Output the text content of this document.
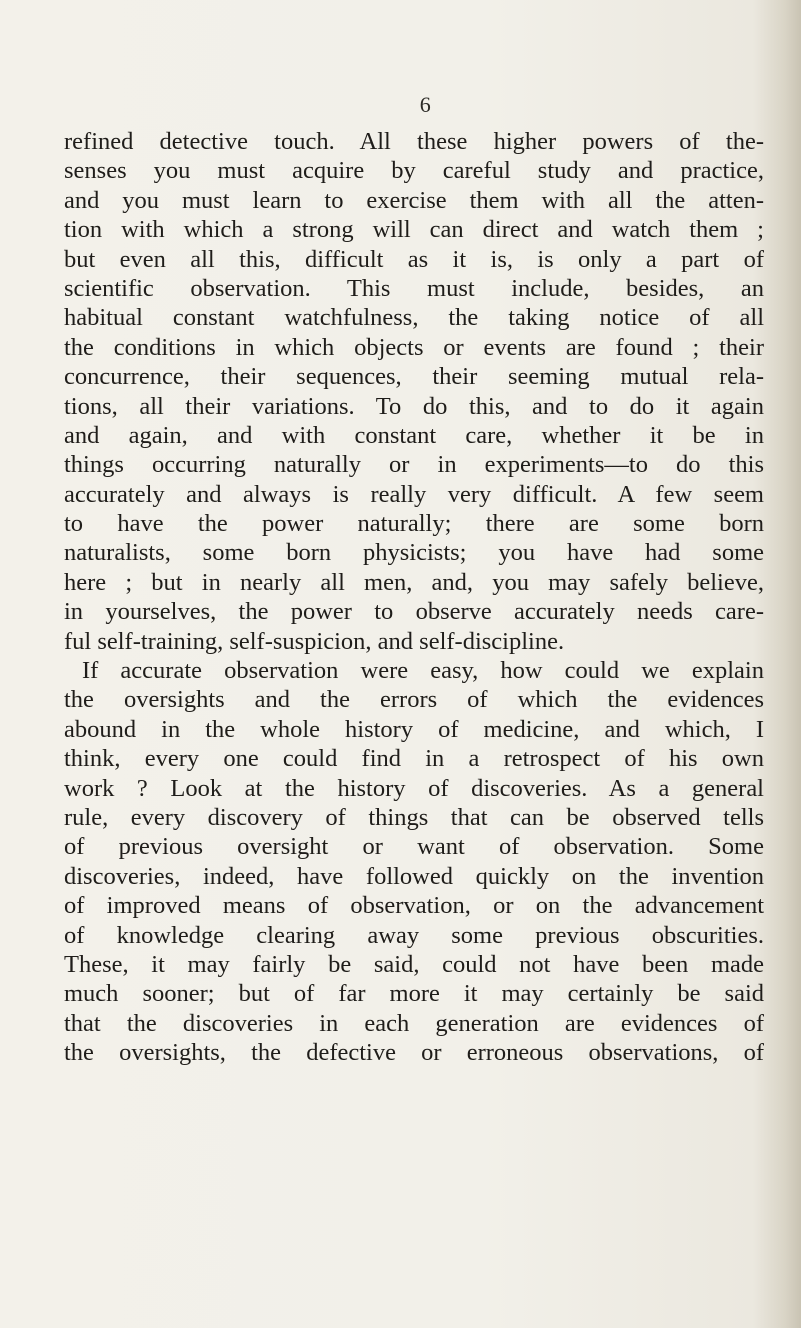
6
refined detective touch. All these higher powers of the-
senses you must acquire by careful study and practice,
and you must learn to exercise them with all the atten-
tion with which a strong will can direct and watch them ;
but even all this, difficult as it is, is only a part of
scientific observation. This must include, besides, an
habitual constant watchfulness, the taking notice of all
the conditions in which objects or events are found ; their
concurrence, their sequences, their seeming mutual rela-
tions, all their variations. To do this, and to do it again
and again, and with constant care, whether it be in
things occurring naturally or in experiments—to do this
accurately and always is really very difficult. A few seem
to have the power naturally; there are some born
naturalists, some born physicists; you have had some
here ; but in nearly all men, and, you may safely believe,
in yourselves, the power to observe accurately needs care-
ful self-training, self-suspicion, and self-discipline.
If accurate observation were easy, how could we explain
the oversights and the errors of which the evidences
abound in the whole history of medicine, and which, I
think, every one could find in a retrospect of his own
work ? Look at the history of discoveries. As a general
rule, every discovery of things that can be observed tells
of previous oversight or want of observation. Some
discoveries, indeed, have followed quickly on the invention
of improved means of observation, or on the advancement
of knowledge clearing away some previous obscurities.
These, it may fairly be said, could not have been made
much sooner; but of far more it may certainly be said
that the discoveries in each generation are evidences of
the oversights, the defective or erroneous observations, of
